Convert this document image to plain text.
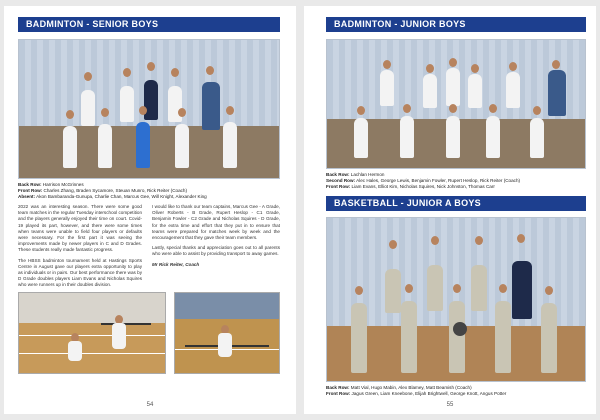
BADMINTON - SENIOR BOYS
Back Row: Harrison McGrinnes
Front Row: Charles Zhang, Braden Sycamore, Steuan Munro, Rick Reiter (Coach)
Absent: Akon Bambaranda-Gunupa, Charlie Chan, Marcus Gee, Will Knight, Alexander King

2022 was an interesting season. There were some good team matches in the regular Tuesday interschool competition and the players generally enjoyed their time on court. Covid-19 played its part, however, and there were some times when teams were unable to field four players or defaults were necessary. For the first part it was seeing the improvements made by newer players in C and D Grades. These students really made fantastic progress.

The HBSS badminton tournament held at Hastings Sports Centre in August gave our players extra opportunity to play as individuals or in pairs. Our best performance there was by D Grade doubles players Liam Evans and Nicholas Squires who were runners up in their doubles division.

I would like to thank our team captains, Marcus Gee - A Grade, Oliver Roberts - B Grade, Rupert Heslop - C1 Grade, Benjamin Fowler - C2 Grade and Nicholas Squires - D Grade, for the extra time and effort that they put in to ensure that teams were prepared for matches week by week and the encouragement that they gave their team members.

Lastly, special thanks and appreciation goes out to all parents who were able to assist by providing transport to away games.

Mr Rick Reiter, Coach

54
BADMINTON - JUNIOR BOYS
Back Row: Lachlan Hermon
Second Row: Alec Hales, George Lewis, Benjamin Fowler, Rupert Heslop, Rick Reiter (Coach)
Front Row: Liam Evans, Elliot Kim, Nicholas Squires, Nick Johnston, Thomas Carr
BASKETBALL - JUNIOR A BOYS
Back Row: Matt Vial, Hugo Mabin, Alex Blamey, Matt Beamish (Coach)
Front Row: Jagus Green, Liam Kneebone, Elijah Brightwell, George Knott, Angus Potter
55
